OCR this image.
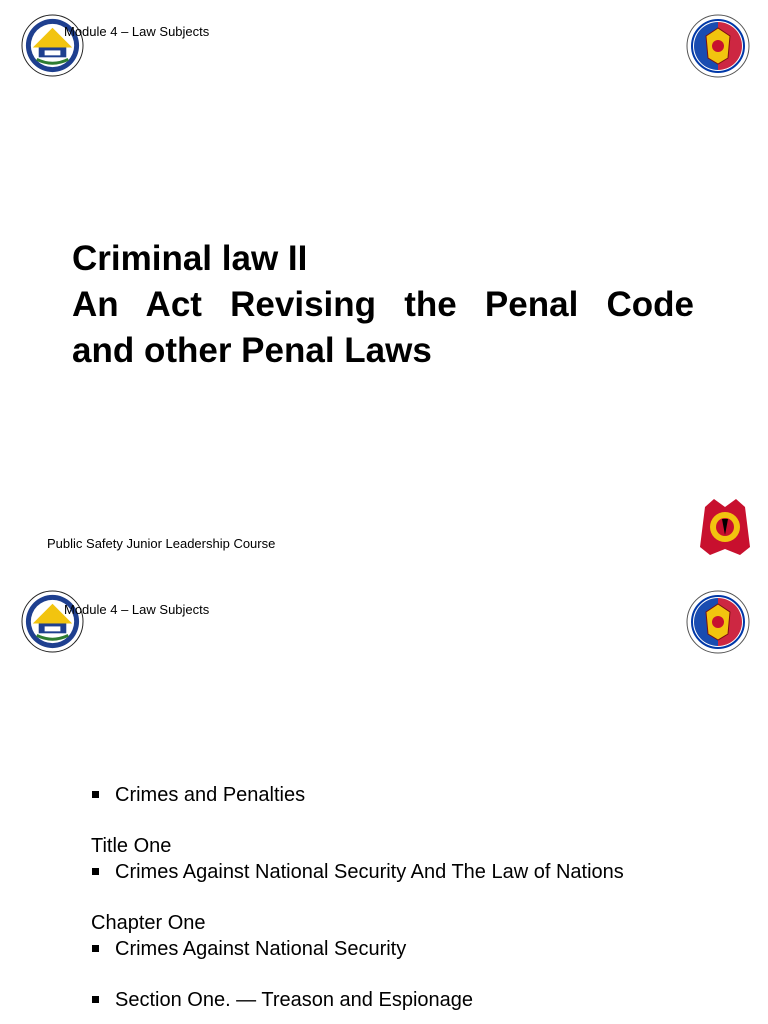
Module 4 – Law Subjects
Criminal law II
An Act Revising the Penal Code
and other Penal Laws
Public Safety Junior Leadership Course
Module 4 – Law Subjects
Crimes and Penalties
Title One
Crimes Against National Security And The Law of Nations
Chapter One
Crimes Against National Security
Section One. — Treason and Espionage
